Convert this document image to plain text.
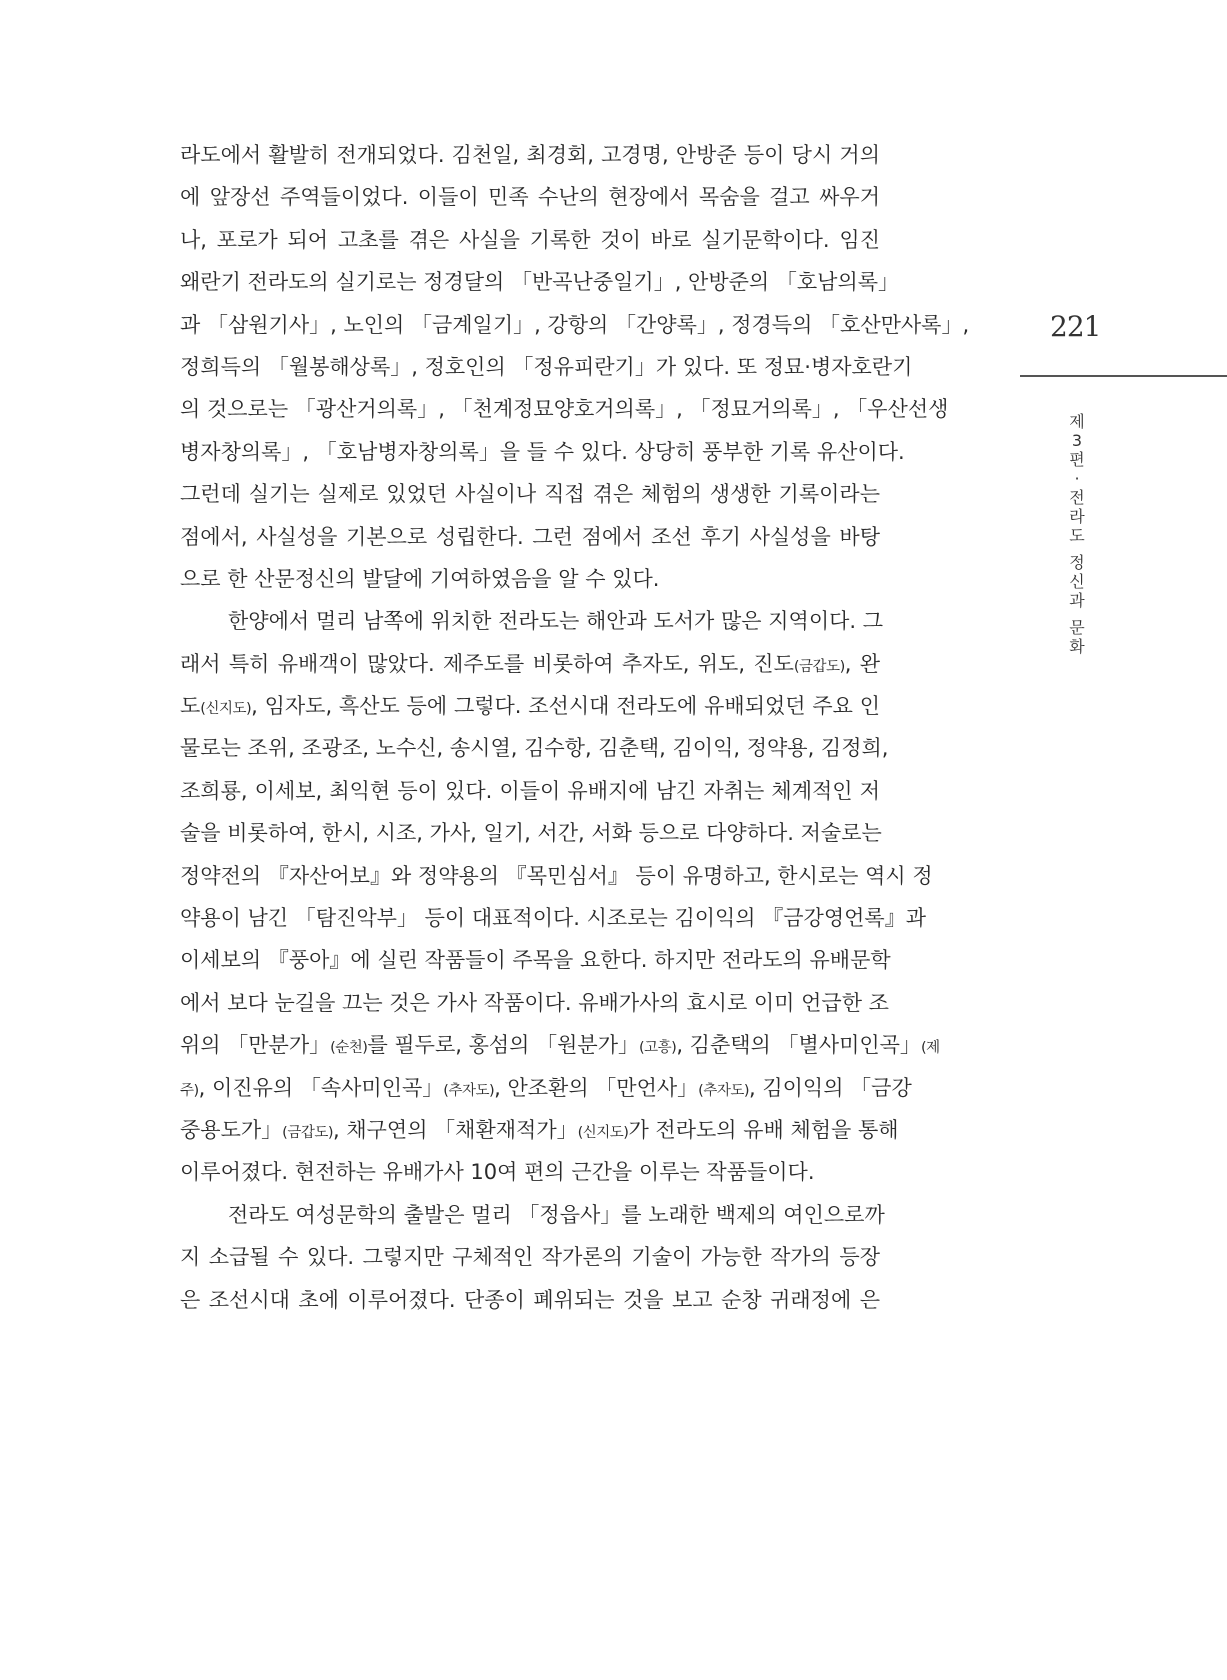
라도에서 활발히 전개되었다. 김천일, 최경회, 고경명, 안방준 등이 당시 거의
에 앞장선 주역들이었다. 이들이 민족 수난의 현장에서 목숨을 걸고 싸우거
나, 포로가 되어 고초를 겪은 사실을 기록한 것이 바로 실기문학이다. 임진
왜란기 전라도의 실기로는 정경달의 「반곡난중일기」, 안방준의 「호남의록」
과 「삼원기사」, 노인의 「금계일기」, 강항의 「간양록」, 정경득의 「호산만사록」,
정희득의 「월봉해상록」, 정호인의 「정유피란기」가 있다. 또 정묘·병자호란기
의 것으로는 「광산거의록」, 「천계정묘양호거의록」, 「정묘거의록」, 「우산선생
병자창의록」, 「호남병자창의록」을 들 수 있다. 상당히 풍부한 기록 유산이다.
그런데 실기는 실제로 있었던 사실이나 직접 겪은 체험의 생생한 기록이라는
점에서, 사실성을 기본으로 성립한다. 그런 점에서 조선 후기 사실성을 바탕
으로 한 산문정신의 발달에 기여하였음을 알 수 있다.
한양에서 멀리 남쪽에 위치한 전라도는 해안과 도서가 많은 지역이다. 그
래서 특히 유배객이 많았다. 제주도를 비롯하여 추자도, 위도, 진도(금갑도), 완
도(신지도), 임자도, 흑산도 등에 그렇다. 조선시대 전라도에 유배되었던 주요 인
물로는 조위, 조광조, 노수신, 송시열, 김수항, 김춘택, 김이익, 정약용, 김정희,
조희룡, 이세보, 최익현 등이 있다. 이들이 유배지에 남긴 자취는 체계적인 저
술을 비롯하여, 한시, 시조, 가사, 일기, 서간, 서화 등으로 다양하다. 저술로는
정약전의 『자산어보』와 정약용의 『목민심서』 등이 유명하고, 한시로는 역시 정
약용이 남긴 「탐진악부」 등이 대표적이다. 시조로는 김이익의 『금강영언록』과
이세보의 『풍아』에 실린 작품들이 주목을 요한다. 하지만 전라도의 유배문학
에서 보다 눈길을 끄는 것은 가사 작품이다. 유배가사의 효시로 이미 언급한 조
위의 「만분가」(순천)를 필두로, 홍섬의 「원분가」(고흥), 김춘택의 「별사미인곡」(제
주), 이진유의 「속사미인곡」(추자도), 안조환의 「만언사」(추자도), 김이익의 「금강
중용도가」(금갑도), 채구연의 「채환재적가」(신지도)가 전라도의 유배 체험을 통해
이루어졌다. 현전하는 유배가사 10여 편의 근간을 이루는 작품들이다.
전라도 여성문학의 출발은 멀리 「정읍사」를 노래한 백제의 여인으로까
지 소급될 수 있다. 그렇지만 구체적인 작가론의 기술이 가능한 작가의 등장
은 조선시대 초에 이루어졌다. 단종이 폐위되는 것을 보고 순창 귀래정에 은
221
제
3
편
·
전
라
도

정
신
과

문
화
